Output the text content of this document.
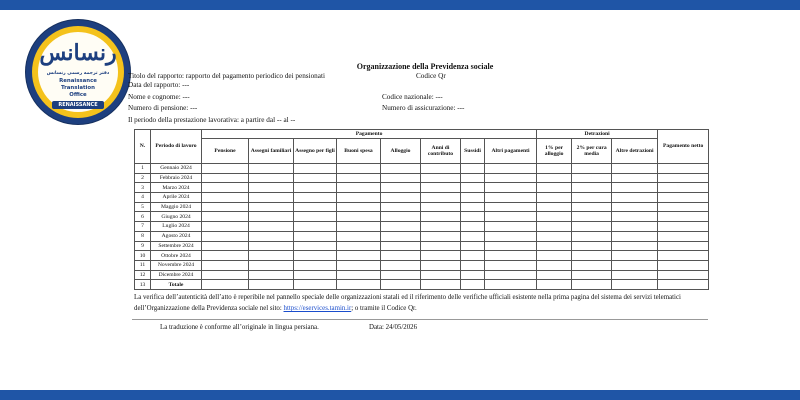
رنسانس
دفتر ترجمه رسمی رنسانس
Renaissance
Translation
Office
RENAISSANCE
Organizzazione della Previdenza sociale
Titolo del rapporto: rapporto del pagamento periodico dei pensionati	Codice Qr
Data del rapporto: ---
Nome e cognome: ---	Codice nazionale: ---
Numero di pensione: ---	Numero di assicurazione: ---
Il periodo della prestazione lavorativa: a partire dal -- al --
N.	Periodo di lavoro	Pagamento								Detrazioni			Pagamento netto
		Pensione	Assegni familiari	Assegno per figli	Buoni spesa	Alloggio	Anni di contributo	Sussidi	Altri pagamenti	1% per alloggio	2% per cura media	Altre detrazioni	
1	Gennaio 2024												
2	Febbraio 2024												
3	Marzo 2024												
4	Aprile 2024												
5	Maggio 2024												
6	Giugno 2024												
7	Luglio 2024												
8	Agosto 2024												
9	Settembre 2024												
10	Ottobre 2024												
11	Novembre 2024												
12	Dicembre 2024												
13	Totale												
La verifica dell’autenticità dell’atto è reperibile nel pannello speciale delle organizzazioni statali ed il riferimento delle verifiche ufficiali esistente nella prima pagina del sistema dei servizi telematici dell’Organizzazione della Previdenza sociale nel sito: https://eservices.tamin.ir; o tramite il Codice Qr.
La traduzione è conforme all’originale in lingua persiana.	Data: 24/05/2026
